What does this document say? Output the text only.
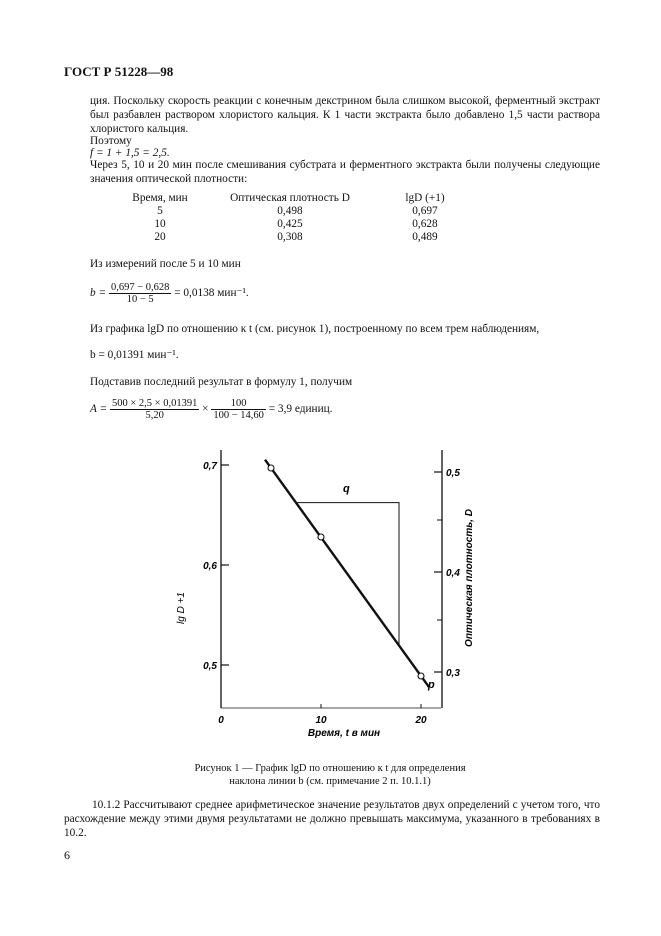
ГОСТ Р 51228—98
ция. Поскольку скорость реакции с конечным декстрином была слишком высокой, ферментный экстракт был разбавлен раствором хлористого кальция. К 1 части экстракта было добавлено 1,5 части раствора хлористого кальция.
Поэтому
f = 1 + 1,5 = 2,5.
Через 5, 10 и 20 мин после смешивания субстрата и ферментного экстракта были получены следующие значения оптической плотности:
Время, мин	Оптическая плотность D	lgD (+1)
5	0,498	0,697
10	0,425	0,628
20	0,308	0,489
Из измерений после 5 и 10 мин
$b = \frac{0,697 - 0,628}{10 - 5} = 0,0138$ мин⁻¹.
Из графика lgD по отношению к t (см. рисунок 1), построенному по всем трем наблюдениям,
b = 0,01391 мин⁻¹.
Подставив последний результат в формулу 1, получим
$A = \frac{500 \times 2,5 \times 0,01391}{5,20} \times \frac{100}{100 - 14,60} = 3,9$ единиц.
0	10	20
0,5
0,6
0,7
0,3
0,4
0,5
p
q
lg D +1	Оптическая плотность, D
Время, t в мин
Рисунок 1 — График lgD по отношению к t для определения
наклона линии b (см. примечание 2 п. 10.1.1)
10.1.2 Рассчитывают среднее арифметическое значение результатов двух определений с учетом того, что расхождение между этими двумя результатами не должно превышать максимума, указанного в требованиях в 10.2.
6
